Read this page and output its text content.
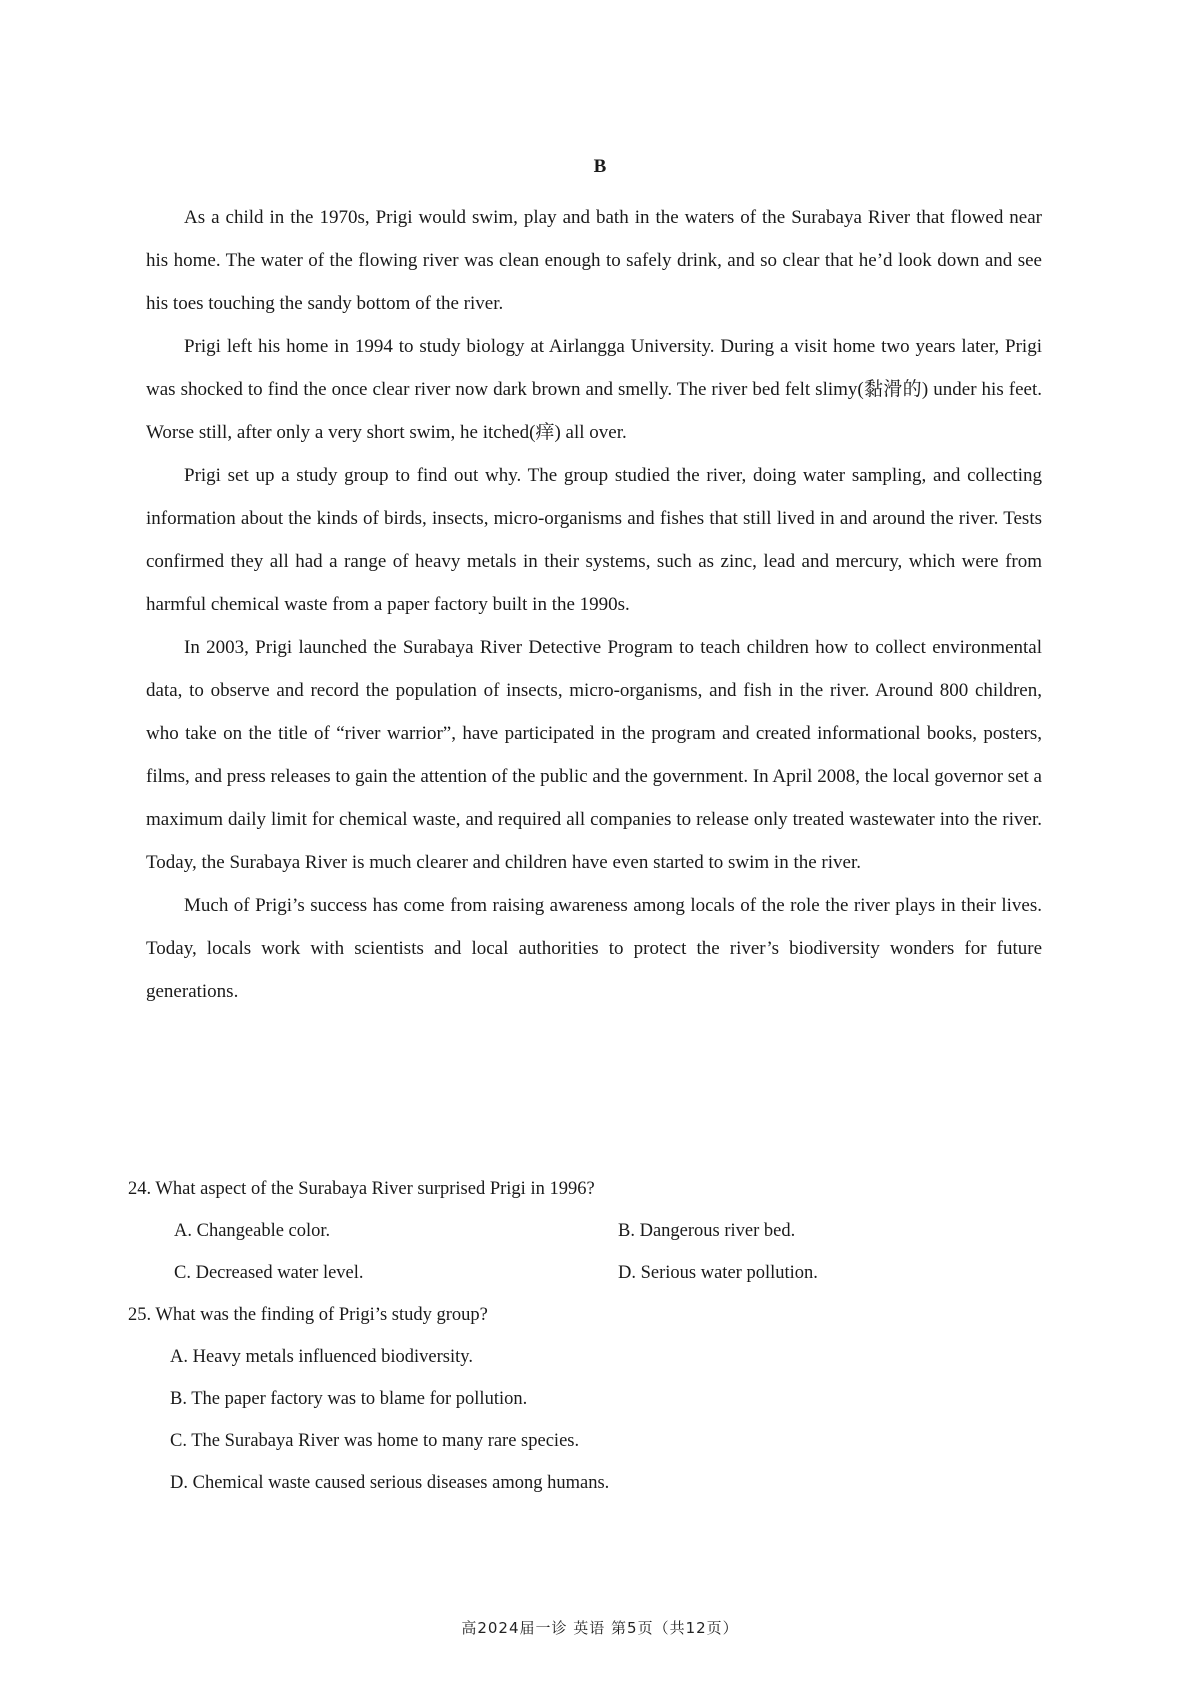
B

As a child in the 1970s, Prigi would swim, play and bath in the waters of the Surabaya River that flowed near his home. The water of the flowing river was clean enough to safely drink, and so clear that he’d look down and see his toes touching the sandy bottom of the river.

Prigi left his home in 1994 to study biology at Airlangga University. During a visit home two years later, Prigi was shocked to find the once clear river now dark brown and smelly. The river bed felt slimy(黏滑的) under his feet. Worse still, after only a very short swim, he itched(痒) all over.

Prigi set up a study group to find out why. The group studied the river, doing water sampling, and collecting information about the kinds of birds, insects, micro-organisms and fishes that still lived in and around the river. Tests confirmed they all had a range of heavy metals in their systems, such as zinc, lead and mercury, which were from harmful chemical waste from a paper factory built in the 1990s.

In 2003, Prigi launched the Surabaya River Detective Program to teach children how to collect environmental data, to observe and record the population of insects, micro-organisms, and fish in the river. Around 800 children, who take on the title of “river warrior”, have participated in the program and created informational books, posters, films, and press releases to gain the attention of the public and the government. In April 2008, the local governor set a maximum daily limit for chemical waste, and required all companies to release only treated wastewater into the river. Today, the Surabaya River is much clearer and children have even started to swim in the river.

Much of Prigi’s success has come from raising awareness among locals of the role the river plays in their lives. Today, locals work with scientists and local authorities to protect the river’s biodiversity wonders for future generations.

24. What aspect of the Surabaya River surprised Prigi in 1996?
A. Changeable color.	B. Dangerous river bed.
C. Decreased water level.	D. Serious water pollution.
25. What was the finding of Prigi’s study group?
A. Heavy metals influenced biodiversity.
B. The paper factory was to blame for pollution.
C. The Surabaya River was home to many rare species.
D. Chemical waste caused serious diseases among humans.
高2024届一诊 英语 第5页（共12页）
